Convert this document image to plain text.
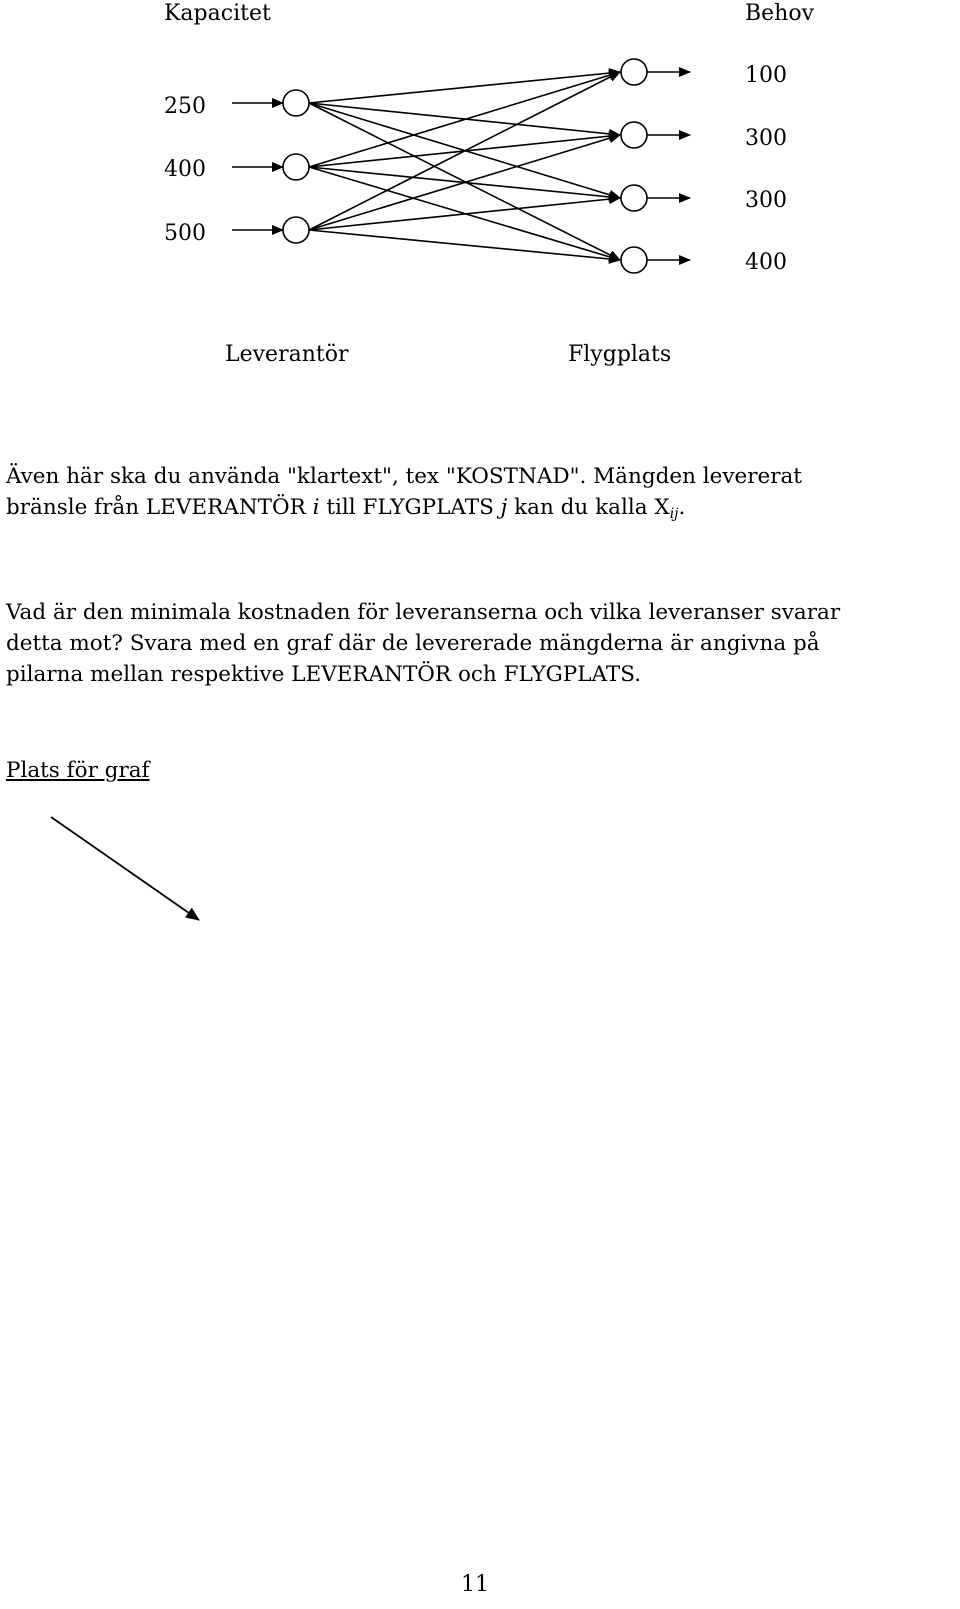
Kapacitet	Behov
250
400
500
100
300
300
400
Leverantör	Flygplats

Även här ska du använda "klartext", tex "KOSTNAD". Mängden levererat

bränsle från LEVERANTÖR i till FLYGPLATS j kan du kalla Xij.

Vad är den minimala kostnaden för leveranserna och vilka leveranser svarar

detta mot? Svara med en graf där de levererade mängderna är angivna på

pilarna mellan respektive LEVERANTÖR och FLYGPLATS.

Plats för graf
11
